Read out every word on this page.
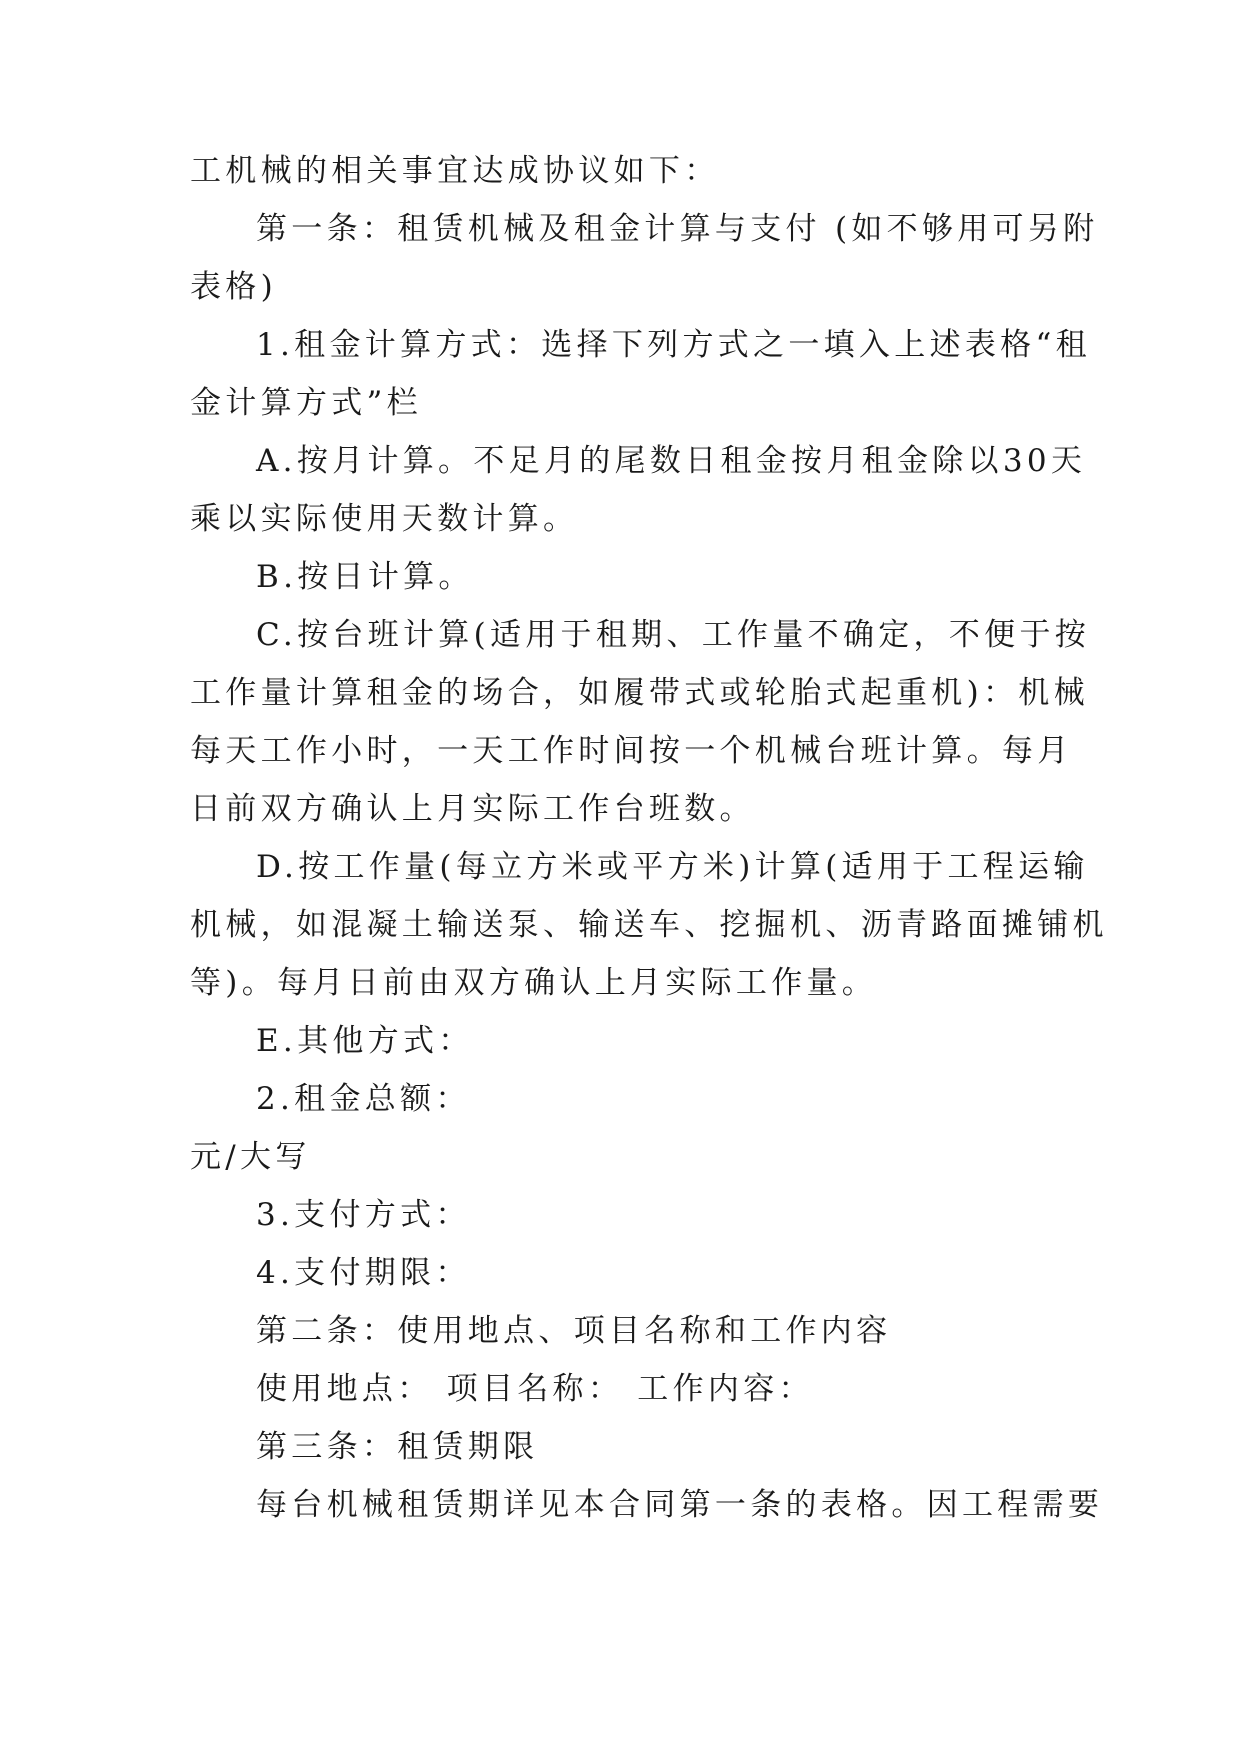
工机械的相关事宜达成协议如下：
第一条：租赁机械及租金计算与支付 (如不够用可另附
表格)
1.租金计算方式：选择下列方式之一填入上述表格“租
金计算方式”栏
A.按月计算。不足月的尾数日租金按月租金除以30天
乘以实际使用天数计算。
B.按日计算。
C.按台班计算(适用于租期、工作量不确定，不便于按
工作量计算租金的场合，如履带式或轮胎式起重机)：机械
每天工作小时，一天工作时间按一个机械台班计算。每月
日前双方确认上月实际工作台班数。
D.按工作量(每立方米或平方米)计算(适用于工程运输
机械，如混凝土输送泵、输送车、挖掘机、沥青路面摊铺机
等)。每月日前由双方确认上月实际工作量。
E.其他方式：
2.租金总额：
元/大写
3.支付方式：
4.支付期限：
第二条：使用地点、项目名称和工作内容
使用地点： 项目名称： 工作内容：
第三条：租赁期限
每台机械租赁期详见本合同第一条的表格。因工程需要
